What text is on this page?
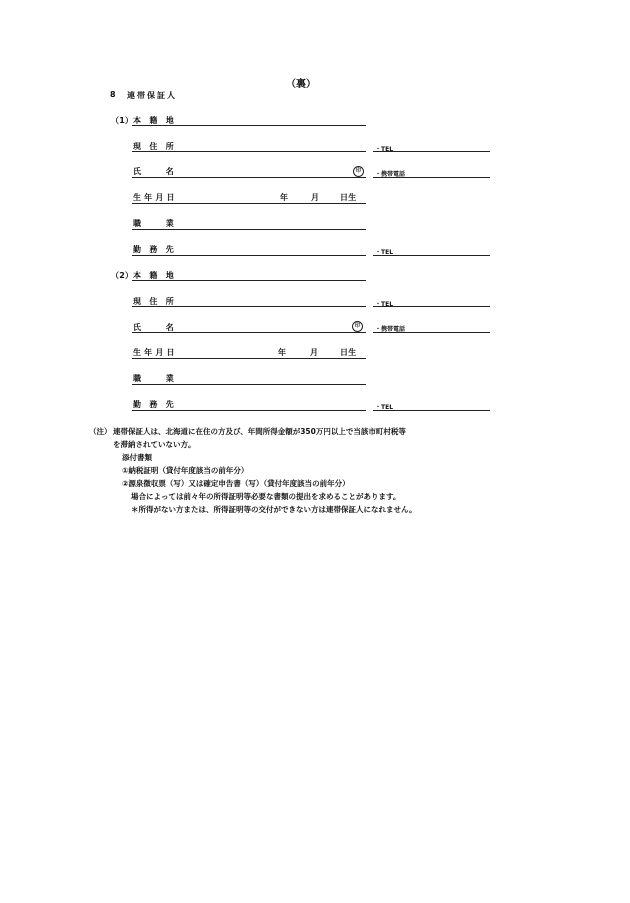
（裏）
8 連帯保証人
（1） 本　籍　地
現　住　所	・TEL
氏　　　名	印	・携帯電話
生 年 月 日	年	月	日生
職　　　業
勤　務　先	・TEL
（2） 本　籍　地
現　住　所	・TEL
氏　　　名	印	・携帯電話
生 年 月 日	年	月	日生
職　　　業
勤　務　先	・TEL
（注） 連帯保証人は、北海道に在住の方及び、年間所得金額が350万円以上で当該市町村税等
を滞納されていない方。
添付書類
①納税証明（貸付年度該当の前年分）
②源泉徴収票（写）又は確定申告書（写）（貸付年度該当の前年分）
場合によっては前々年の所得証明等必要な書類の提出を求めることがあります。
＊所得がない方または、所得証明等の交付ができない方は連帯保証人になれません。
